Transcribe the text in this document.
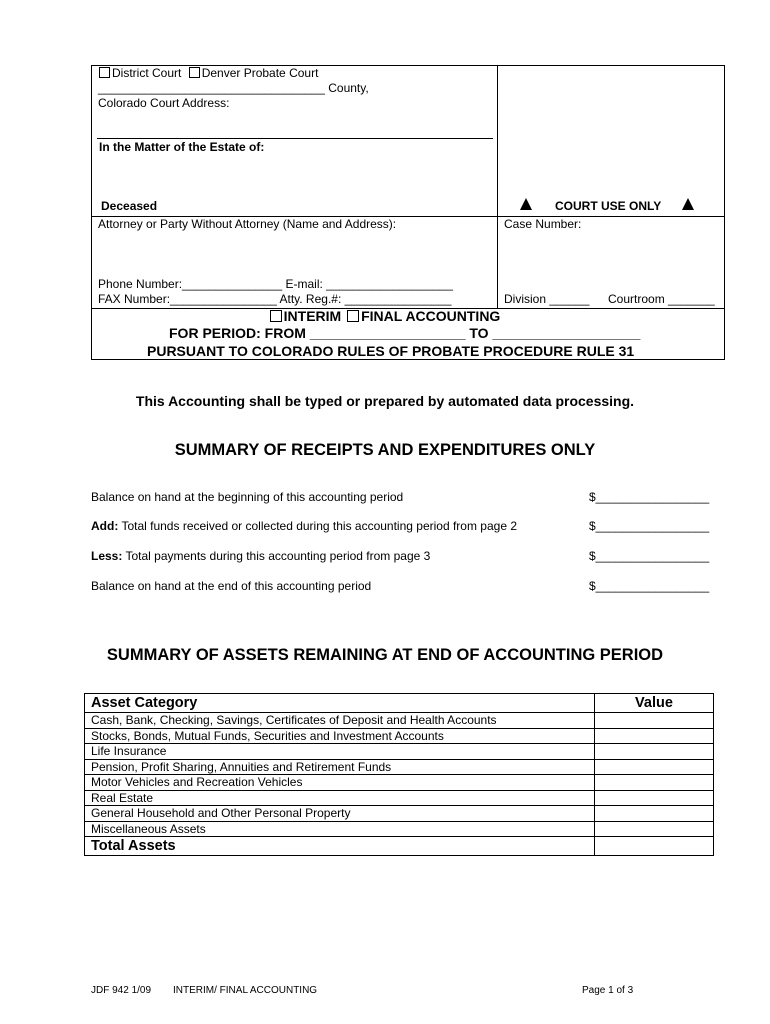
District Court Denver Probate Court
__________________________________ County,
Colorado Court Address:
In the Matter of the Estate of:
Deceased	COURT USE ONLY
Attorney or Party Without Attorney (Name and Address):	Case Number:
Phone Number:_______________ E-mail: ___________________
FAX Number:________________ Atty. Reg.#: ________________	Division ______ Courtroom _______
INTERIM FINAL ACCOUNTING
FOR PERIOD: FROM ____________________ TO ___________________
PURSUANT TO COLORADO RULES OF PROBATE PROCEDURE RULE 31
This Accounting shall be typed or prepared by automated data processing.
SUMMARY OF RECEIPTS AND EXPENDITURES ONLY
Balance on hand at the beginning of this accounting period	$_________________
Add: Total funds received or collected during this accounting period from page 2	$_________________
Less: Total payments during this accounting period from page 3	$_________________
Balance on hand at the end of this accounting period	$_________________
SUMMARY OF ASSETS REMAINING AT END OF ACCOUNTING PERIOD
Asset Category	Value
Cash, Bank, Checking, Savings, Certificates of Deposit and Health Accounts	
Stocks, Bonds, Mutual Funds, Securities and Investment Accounts	
Life Insurance	
Pension, Profit Sharing, Annuities and Retirement Funds	
Motor Vehicles and Recreation Vehicles	
Real Estate	
General Household and Other Personal Property	
Miscellaneous Assets	
Total Assets	
JDF 942 1/09 INTERIM/ FINAL ACCOUNTING	Page 1 of 3
